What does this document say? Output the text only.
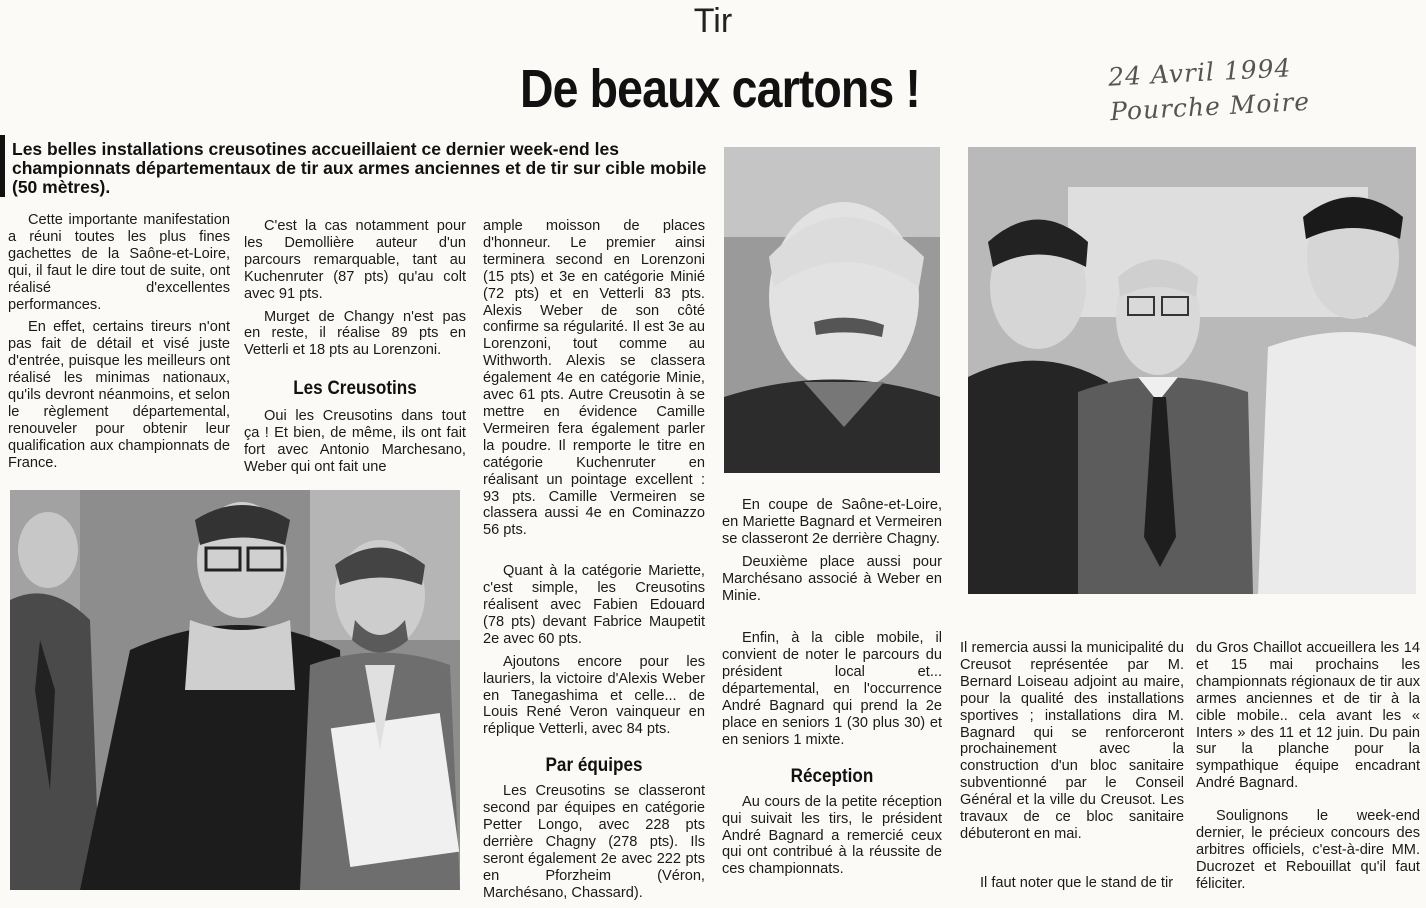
Tir
De beaux cartons !	24 Avril 1994
Pourche Moire
Les belles installations creusotines accueillaient ce dernier week-end les championnats départementaux de tir aux armes anciennes et de tir sur cible mobile (50 mètres).

Cette importante manifestation a réuni toutes les plus fines gachettes de la Saône-et-Loire, qui, il faut le dire tout de suite, ont réalisé d'excellentes performances.

En effet, certains tireurs n'ont pas fait de détail et visé juste d'entrée, puisque les meilleurs ont réalisé les minimas nationaux, qu'ils devront néanmoins, et selon le règlement départemental, renouveler pour obtenir leur qualification aux championnats de France.

C'est la cas notamment pour les Demollière auteur d'un parcours remarquable, tant au Kuchenruter (87 pts) qu'au colt avec 91 pts.

Murget de Changy n'est pas en reste, il réalise 89 pts en Vetterli et 18 pts au Lorenzoni.

Les Creusotins

Oui les Creusotins dans tout ça ! Et bien, de même, ils ont fait fort avec Antonio Marchesano, Weber qui ont fait une

ample moisson de places d'honneur. Le premier ainsi terminera second en Lorenzoni (15 pts) et 3e en catégorie Minié (72 pts) et en Vetterli 83 pts. Alexis Weber de son côté confirme sa régularité. Il est 3e au Lorenzoni, tout comme au Withworth. Alexis se classera également 4e en catégorie Minie, avec 61 pts. Autre Creusotin à se mettre en évidence Camille Vermeiren fera également parler la poudre. Il remporte le titre en catégorie Kuchenruter en réalisant un pointage excellent : 93 pts. Camille Vermeiren se classera aussi 4e en Cominazzo 56 pts.

Quant à la catégorie Mariette, c'est simple, les Creusotins réalisent avec Fabien Edouard (78 pts) devant Fabrice Maupetit 2e avec 60 pts.

Ajoutons encore pour les lauriers, la victoire d'Alexis Weber en Tanegashima et celle... de Louis René Veron vainqueur en réplique Vetterli, avec 84 pts.

Par équipes

Les Creusotins se classeront second par équipes en catégorie Petter Longo, avec 228 pts derrière Chagny (278 pts). Ils seront également 2e avec 222 pts en Pforzheim (Véron, Marchésano, Chassard).

En coupe de Saône-et-Loire, en Mariette Bagnard et Vermeiren se classeront 2e derrière Chagny.

Deuxième place aussi pour Marchésano associé à Weber en Minie.

Enfin, à la cible mobile, il convient de noter le parcours du président local et... départemental, en l'occurrence André Bagnard qui prend la 2e place en seniors 1 (30 plus 30) et en seniors 1 mixte.

Réception

Au cours de la petite réception qui suivait les tirs, le président André Bagnard a remercié ceux qui ont contribué à la réussite de ces championnats.

Il remercia aussi la municipalité du Creusot représentée par M. Bernard Loiseau adjoint au maire, pour la qualité des installations sportives ; installations dira M. Bagnard qui se renforceront prochainement avec la construction d'un bloc sanitaire subventionné par le Conseil Général et la ville du Creusot. Les travaux de ce bloc sanitaire débuteront en mai.

Il faut noter que le stand de tir

du Gros Chaillot accueillera les 14 et 15 mai prochains les championnats régionaux de tir aux armes anciennes et de tir à la cible mobile.. cela avant les « Inters » des 11 et 12 juin. Du pain sur la planche pour la sympathique équipe encadrant André Bagnard.

Soulignons le week-end dernier, le précieux concours des arbitres officiels, c'est-à-dire MM. Ducrozet et Rebouillat qu'il faut féliciter.
